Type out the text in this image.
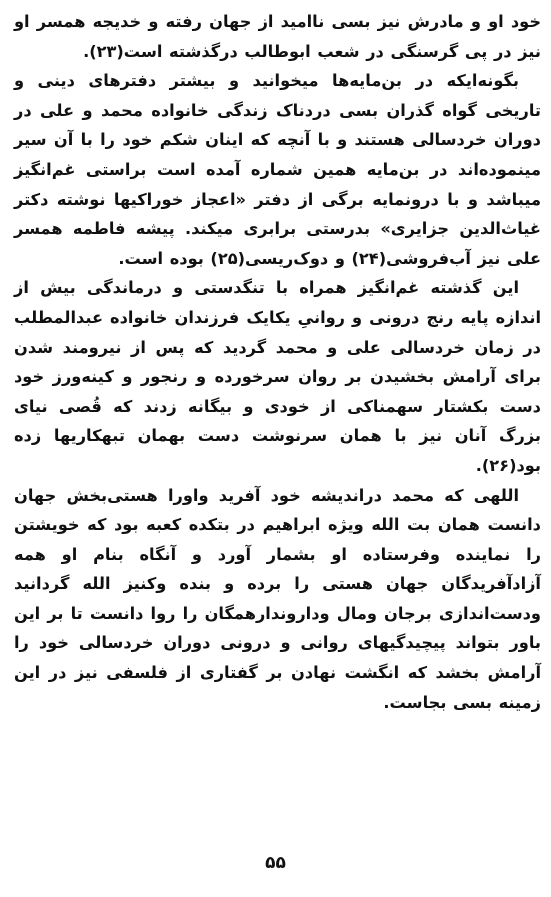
خود او و مادرش نیز بسی ناامید از جهان رفته و خدیجه همسر او نیز در پی گرسنگی در شعب ابوطالب درگذشته است(۲۳).

بگونه‌ایکه در بن‌مایه‌ها میخوانید و بیشتر دفترهای دینی و تاریخی گواه گذران بسی دردناک زندگی خانواده محمد و علی در دوران خردسالی هستند و با آنچه که اینان شکم خود را با آن سیر مینموده‌اند در بن‌مایه همین شماره آمده است براستی غم‌انگیز میباشد و با درونمایه برگی از دفتر «اعجاز خوراکیها نوشته دکتر غیاث‌الدین جزایری» بدرستی برابری میکند. پیشه فاطمه همسر علی نیز آب‌فروشی(۲۴) و دوک‌ریسی(۲۵) بوده است.

این گذشته غم‌انگیز همراه با تنگدستی و درماندگی بیش از اندازه پایه رنج درونی و روانیِ یکایک فرزندان خانواده عبدالمطلب در زمان خردسالی علی و محمد گردید که پس از نیرومند شدن برای آرامش بخشیدن بر روان سرخورده و رنجور و کینه‌ورز خود دست بکشتار سهمناکی از خودی و بیگانه زدند که قُصی نیای بزرگ آنان نیز با همان سرنوشت دست بهمان تبهکاریها زده بود(۲۶).

اللهی که محمد دراندیشه خود آفرید واورا هستی‌بخش جهان دانست همان بت الله ویژه ابراهیم در بتکده کعبه بود که خویشتن را نماینده وفرستاده او بشمار آورد و آنگاه بنام او همه آزادآفریدگان جهان هستی را برده و بنده وکنیز الله گردانید ودست‌اندازی برجان ومال وداروندارهمگان را روا دانست تا بر این باور بتواند پیچیدگیهای روانی و درونی دوران خردسالی خود را آرامش بخشد که انگشت نهادن بر گفتاری از فلسفی نیز در این زمینه بسی بجاست.

۵۵
